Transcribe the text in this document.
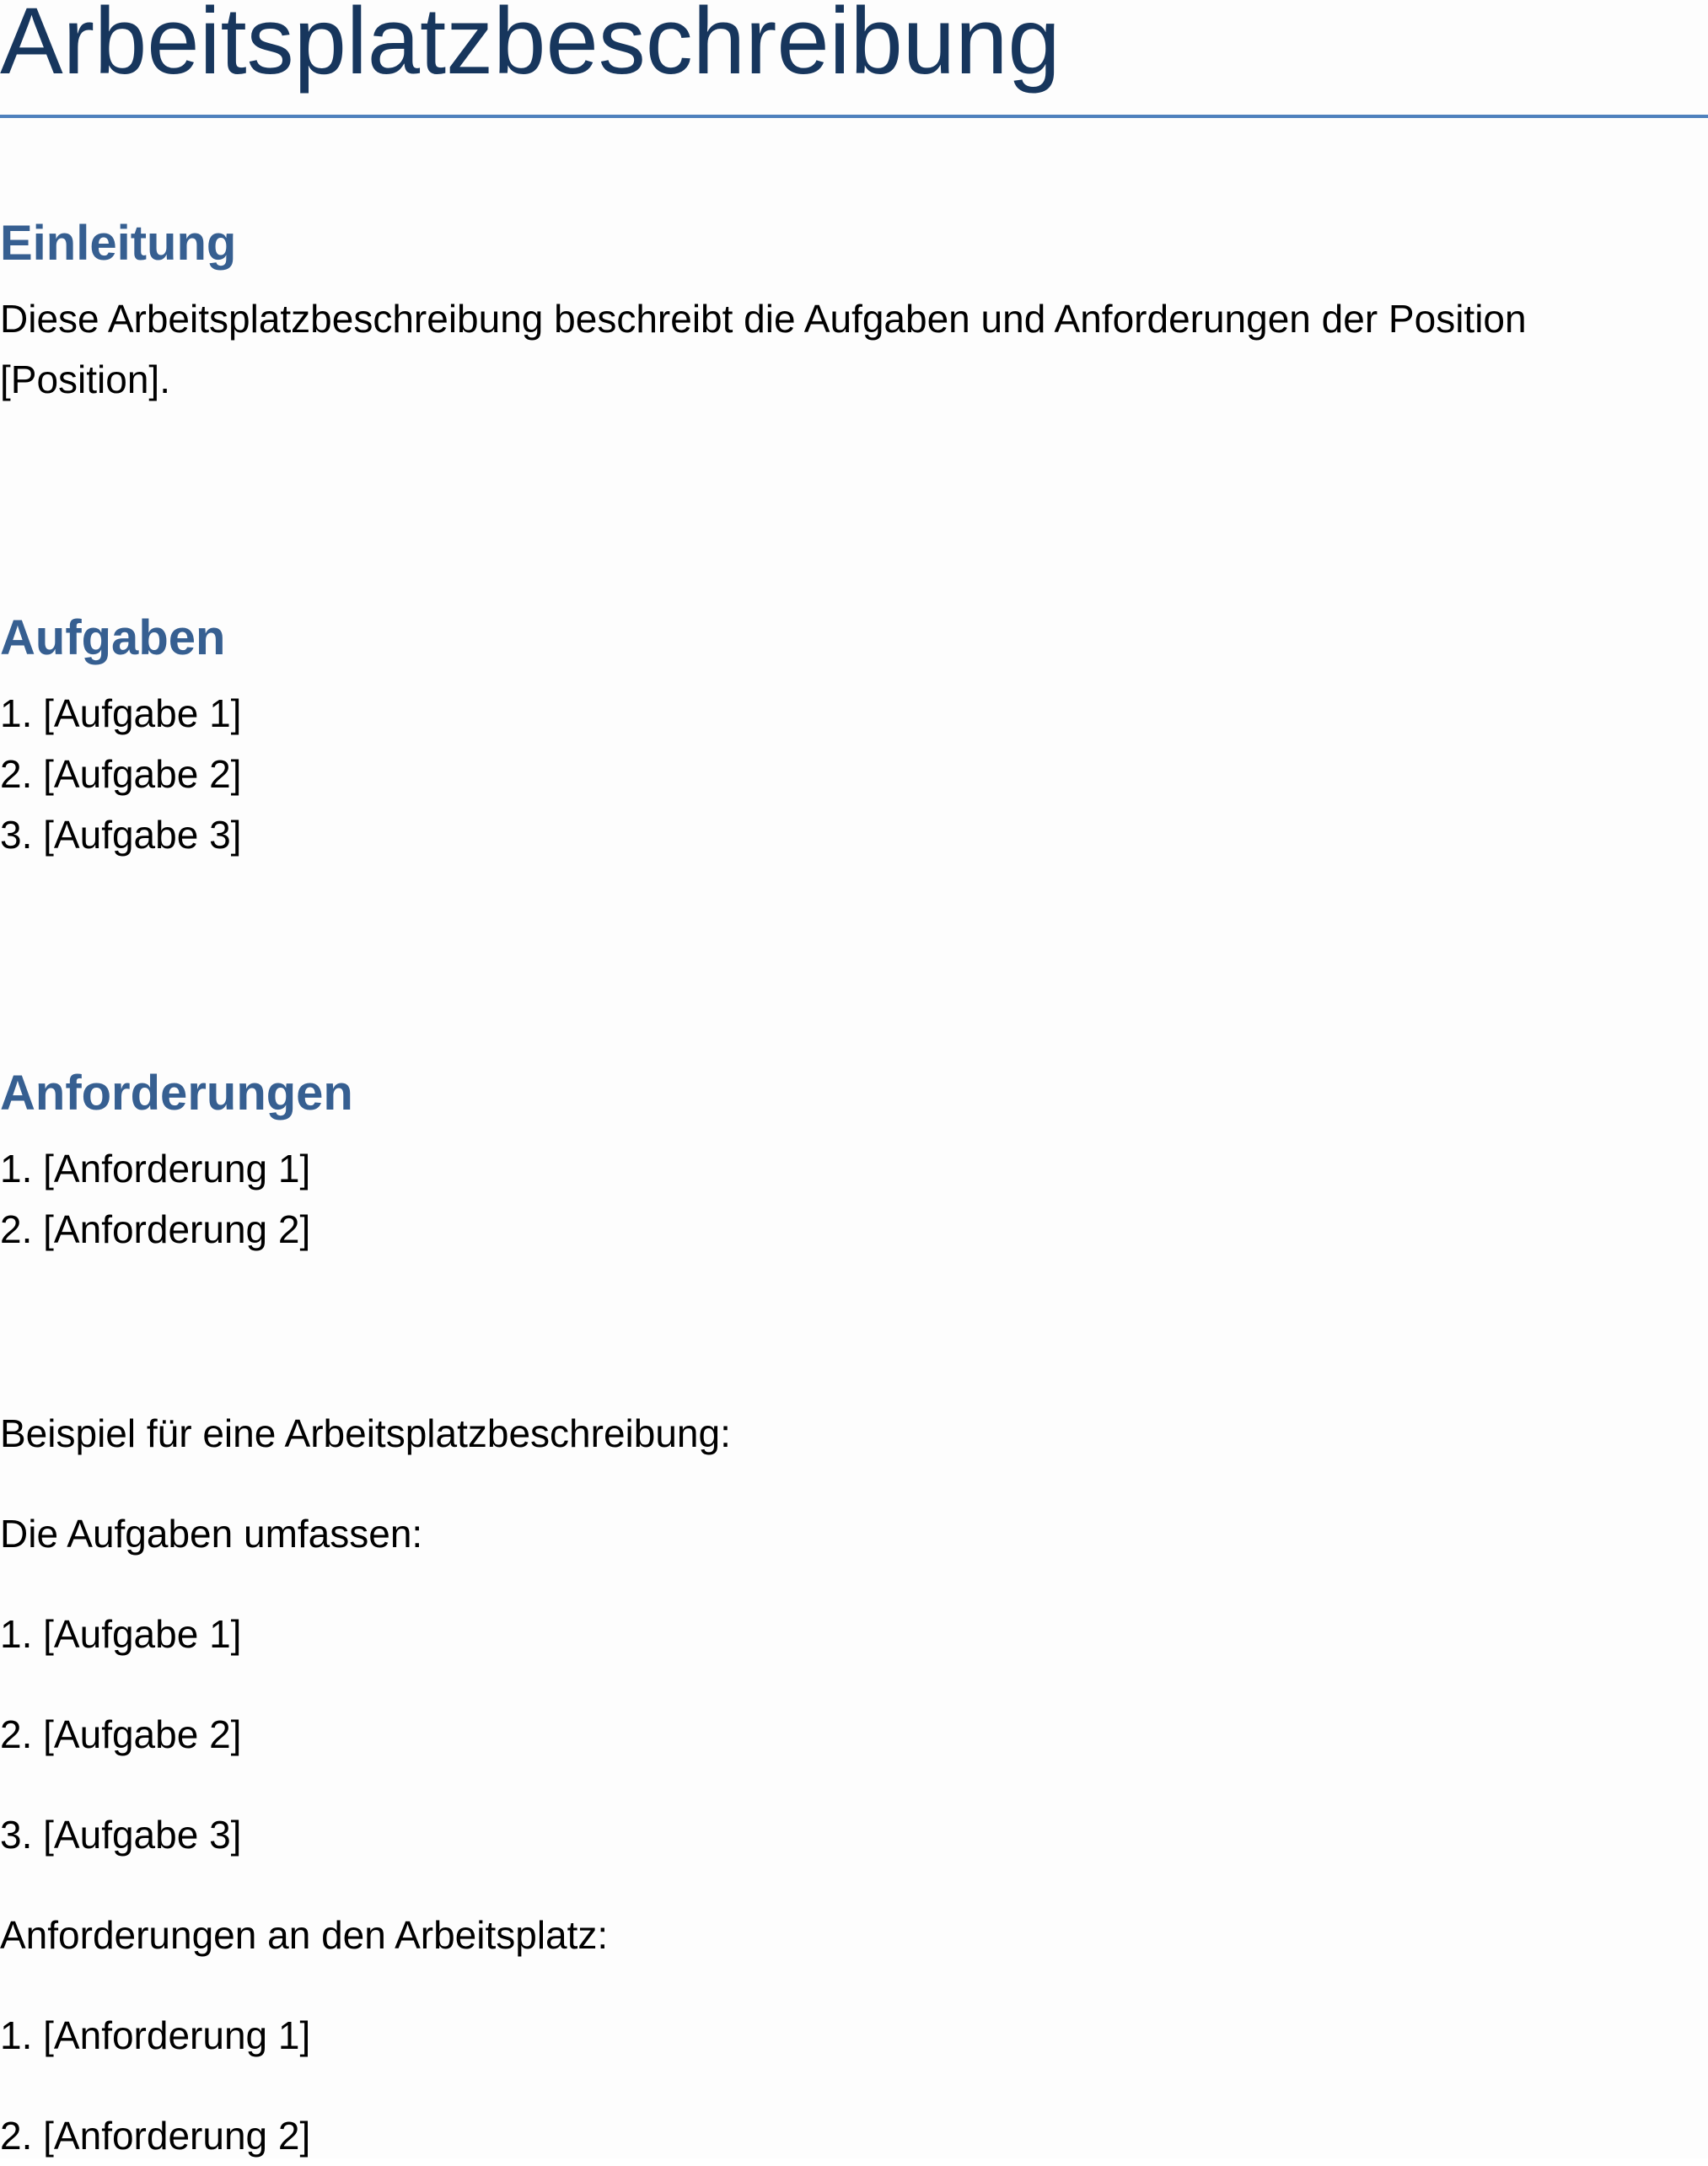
Arbeitsplatzbeschreibung
Einleitung
Diese Arbeitsplatzbeschreibung beschreibt die Aufgaben und Anforderungen der Position
[Position].
Aufgaben
1. [Aufgabe 1]
2. [Aufgabe 2]
3. [Aufgabe 3]
Anforderungen
1. [Anforderung 1]
2. [Anforderung 2]
Beispiel für eine Arbeitsplatzbeschreibung:
Die Aufgaben umfassen:
1. [Aufgabe 1]
2. [Aufgabe 2]
3. [Aufgabe 3]
Anforderungen an den Arbeitsplatz:
1. [Anforderung 1]
2. [Anforderung 2]
